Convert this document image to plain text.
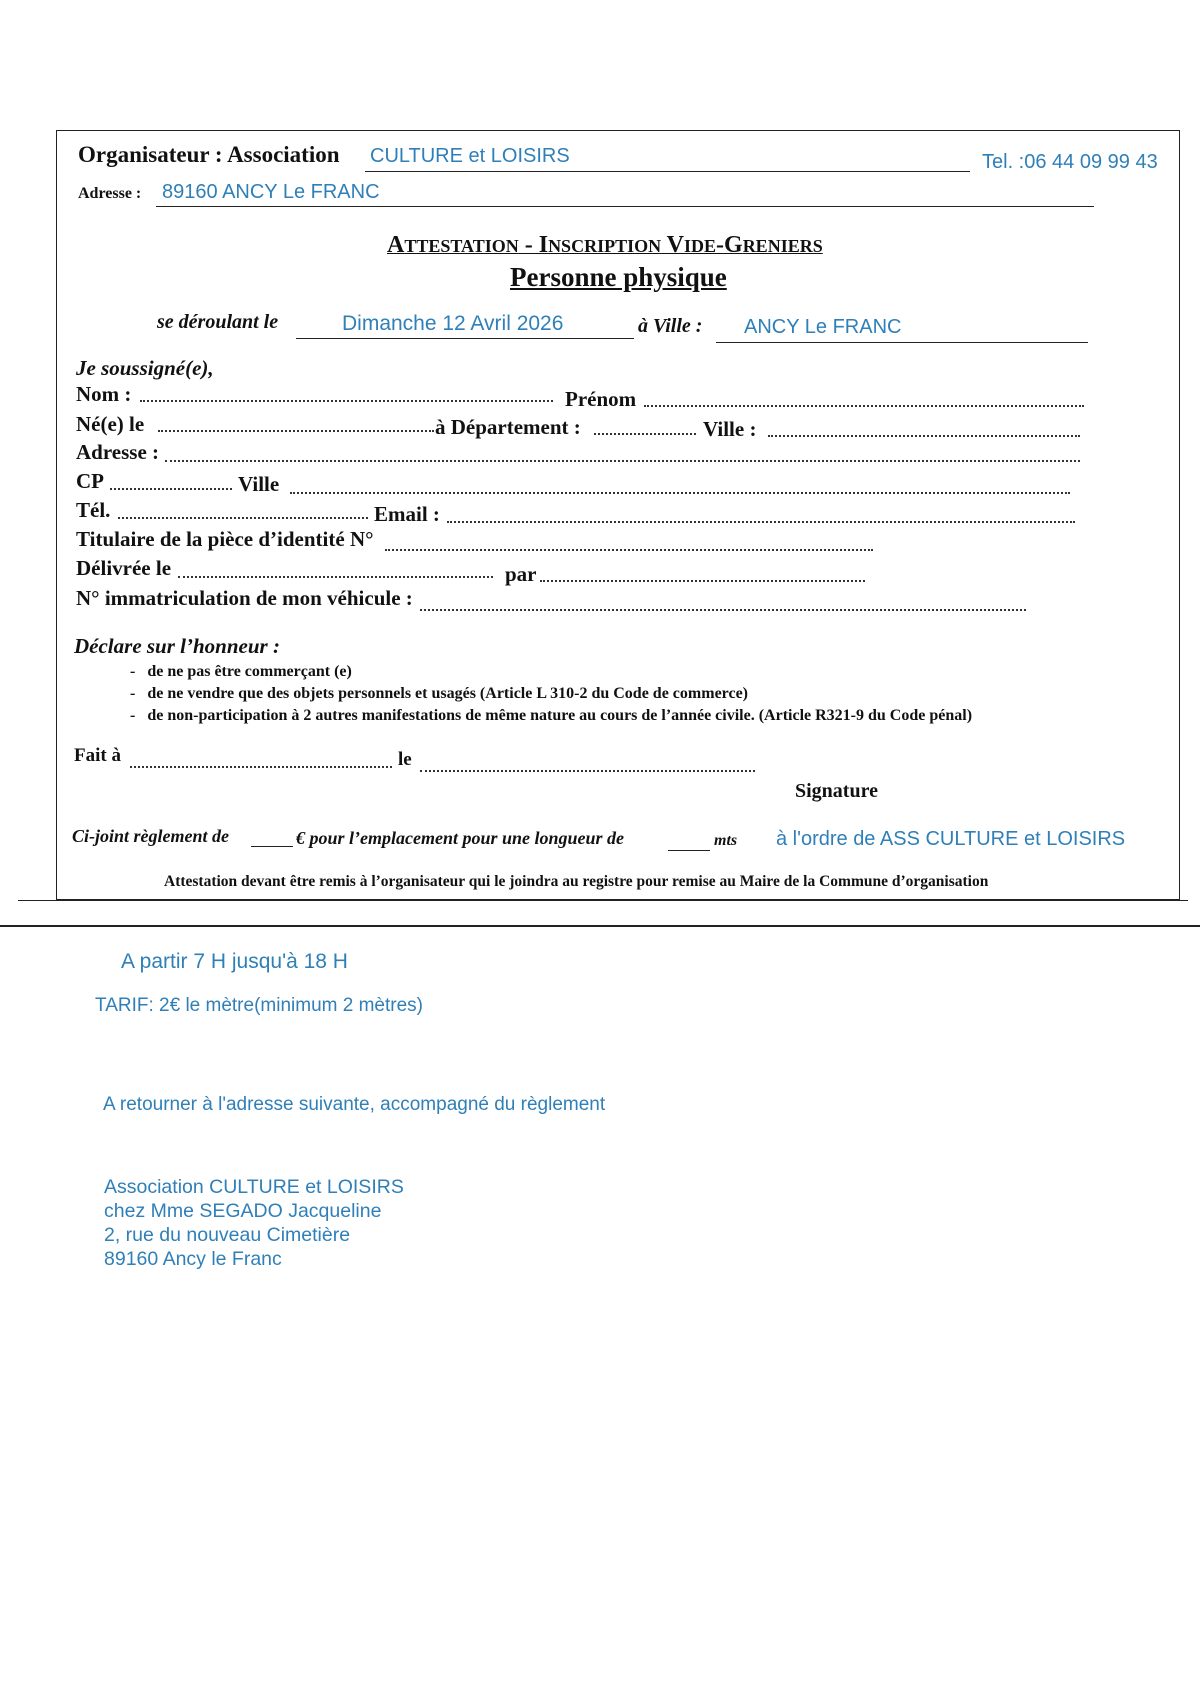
Organisateur : Association CULTURE et LOISIRS	Tel. :06 44 09 99 43
Adresse : 89160 ANCY Le FRANC
ATTESTATION - INSCRIPTION VIDE-GRENIERS
Personne physique
se déroulant le	Dimanche 12 Avril 2026	à Ville : ANCY Le FRANC
Je soussigné(e),
Nom :	Prénom
Né(e) le	à Département :	Ville :
Adresse :
CP	Ville
Tél.	Email :
Titulaire de la pièce d’identité N°
Délivrée le	par
N° immatriculation de mon véhicule :
Déclare sur l’honneur :
-   de ne pas être commerçant (e)
-   de ne vendre que des objets personnels et usagés (Article L 310-2 du Code de commerce)
-   de non-participation à 2 autres manifestations de même nature au cours de l’année civile. (Article R321-9 du Code pénal)
Fait à	le
Signature
Ci-joint règlement de	€ pour l’emplacement pour une longueur de	mts à l'ordre de ASS CULTURE et LOISIRS
Attestation devant être remis à l’organisateur qui le joindra au registre pour remise au Maire de la Commune d’organisation
A partir 7 H jusqu'à 18 H
TARIF: 2€ le mètre(minimum 2 mètres)
A retourner à l'adresse suivante, accompagné du règlement
Association CULTURE et LOISIRS
chez Mme SEGADO Jacqueline
2, rue du nouveau Cimetière
89160 Ancy le Franc
